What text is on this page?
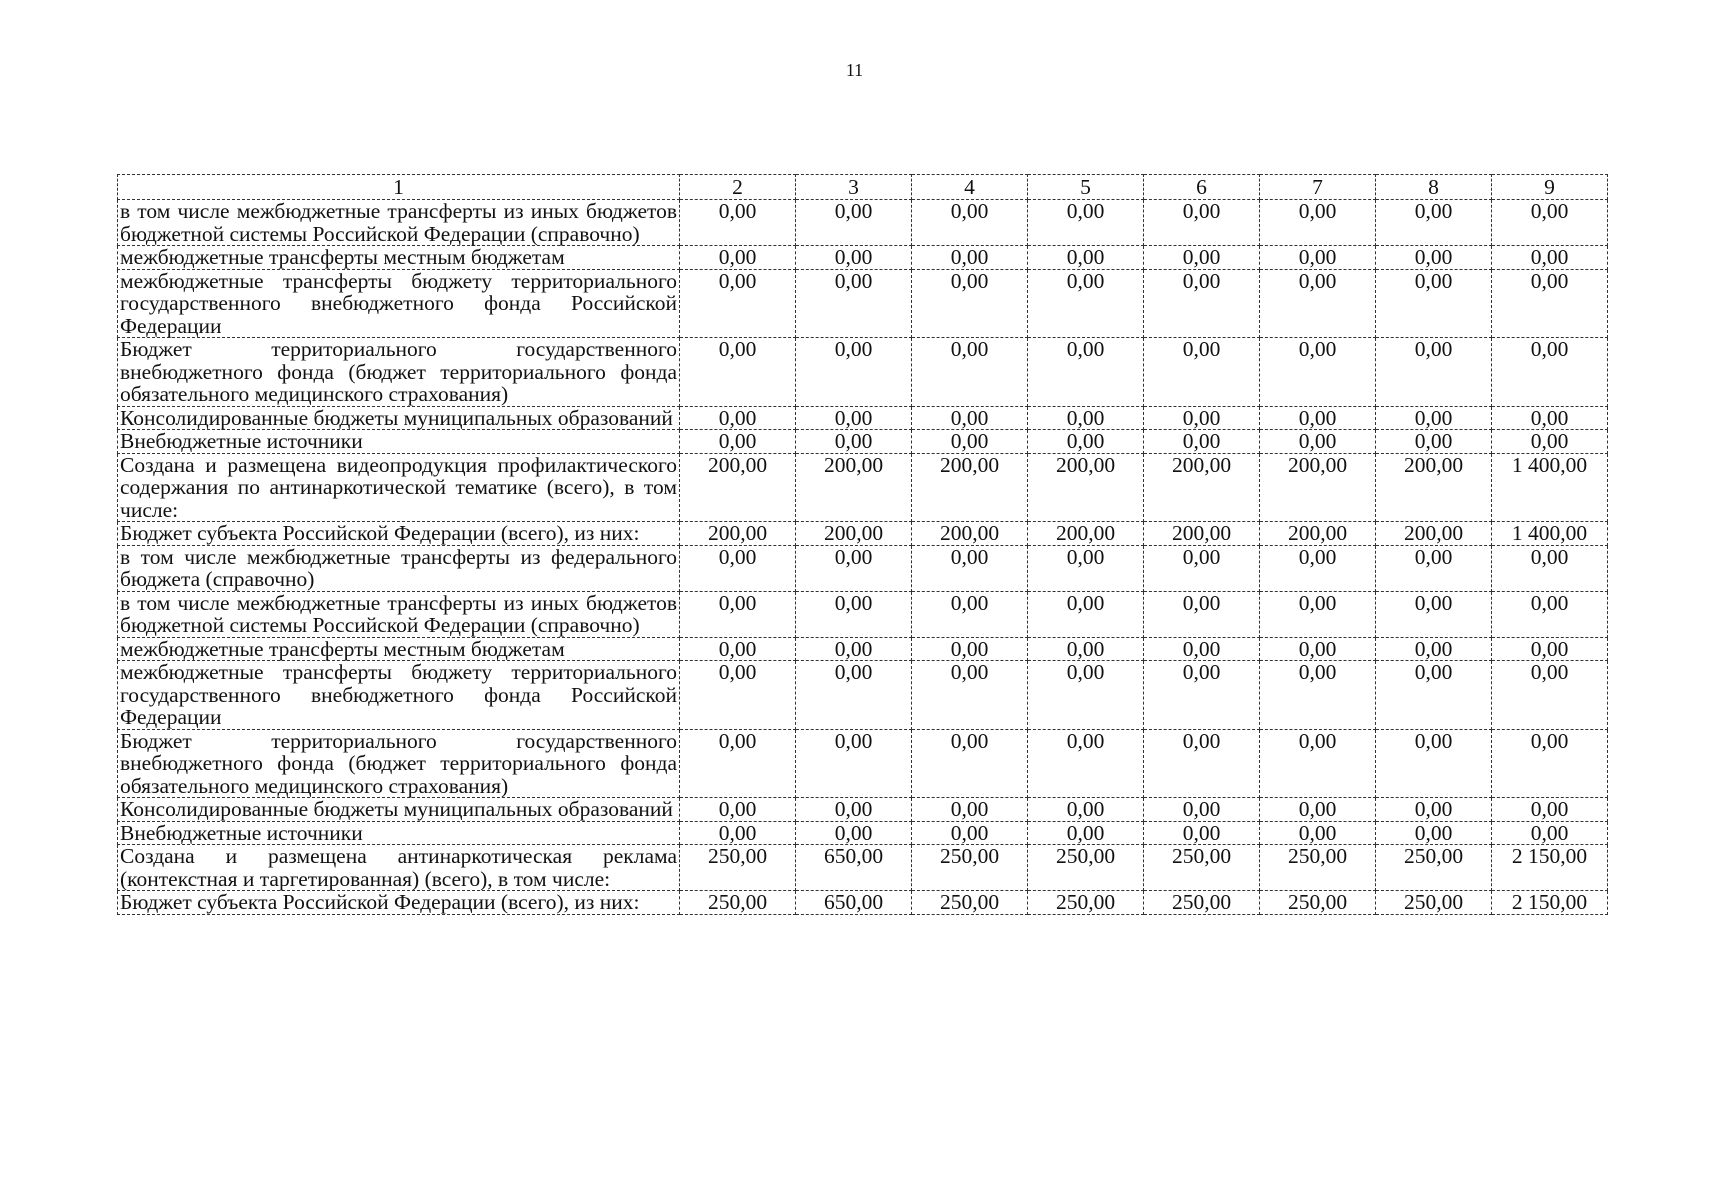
11
1	2	3	4	5	6	7	8	9
в том числе межбюджетные трансферты из иных бюджетов бюджетной системы Российской Федерации (справочно)	0,00	0,00	0,00	0,00	0,00	0,00	0,00	0,00
межбюджетные трансферты местным бюджетам	0,00	0,00	0,00	0,00	0,00	0,00	0,00	0,00
межбюджетные трансферты бюджету территориального государственного внебюджетного фонда Российской Федерации	0,00	0,00	0,00	0,00	0,00	0,00	0,00	0,00
Бюджет территориального государственного внебюджетного фонда (бюджет территориального фонда обязательного медицинского страхования)	0,00	0,00	0,00	0,00	0,00	0,00	0,00	0,00
Консолидированные бюджеты муниципальных образований	0,00	0,00	0,00	0,00	0,00	0,00	0,00	0,00
Внебюджетные источники	0,00	0,00	0,00	0,00	0,00	0,00	0,00	0,00
Создана и размещена видеопродукция профилактического содержания по антинаркотической тематике (всего), в том числе:	200,00	200,00	200,00	200,00	200,00	200,00	200,00	1 400,00
Бюджет субъекта Российской Федерации (всего), из них:	200,00	200,00	200,00	200,00	200,00	200,00	200,00	1 400,00
в том числе межбюджетные трансферты из федерального бюджета (справочно)	0,00	0,00	0,00	0,00	0,00	0,00	0,00	0,00
в том числе межбюджетные трансферты из иных бюджетов бюджетной системы Российской Федерации (справочно)	0,00	0,00	0,00	0,00	0,00	0,00	0,00	0,00
межбюджетные трансферты местным бюджетам	0,00	0,00	0,00	0,00	0,00	0,00	0,00	0,00
межбюджетные трансферты бюджету территориального государственного внебюджетного фонда Российской Федерации	0,00	0,00	0,00	0,00	0,00	0,00	0,00	0,00
Бюджет территориального государственного внебюджетного фонда (бюджет территориального фонда обязательного медицинского страхования)	0,00	0,00	0,00	0,00	0,00	0,00	0,00	0,00
Консолидированные бюджеты муниципальных образований	0,00	0,00	0,00	0,00	0,00	0,00	0,00	0,00
Внебюджетные источники	0,00	0,00	0,00	0,00	0,00	0,00	0,00	0,00
Создана и размещена антинаркотическая реклама (контекстная и таргетированная) (всего), в том числе:	250,00	650,00	250,00	250,00	250,00	250,00	250,00	2 150,00
Бюджет субъекта Российской Федерации (всего), из них:	250,00	650,00	250,00	250,00	250,00	250,00	250,00	2 150,00
